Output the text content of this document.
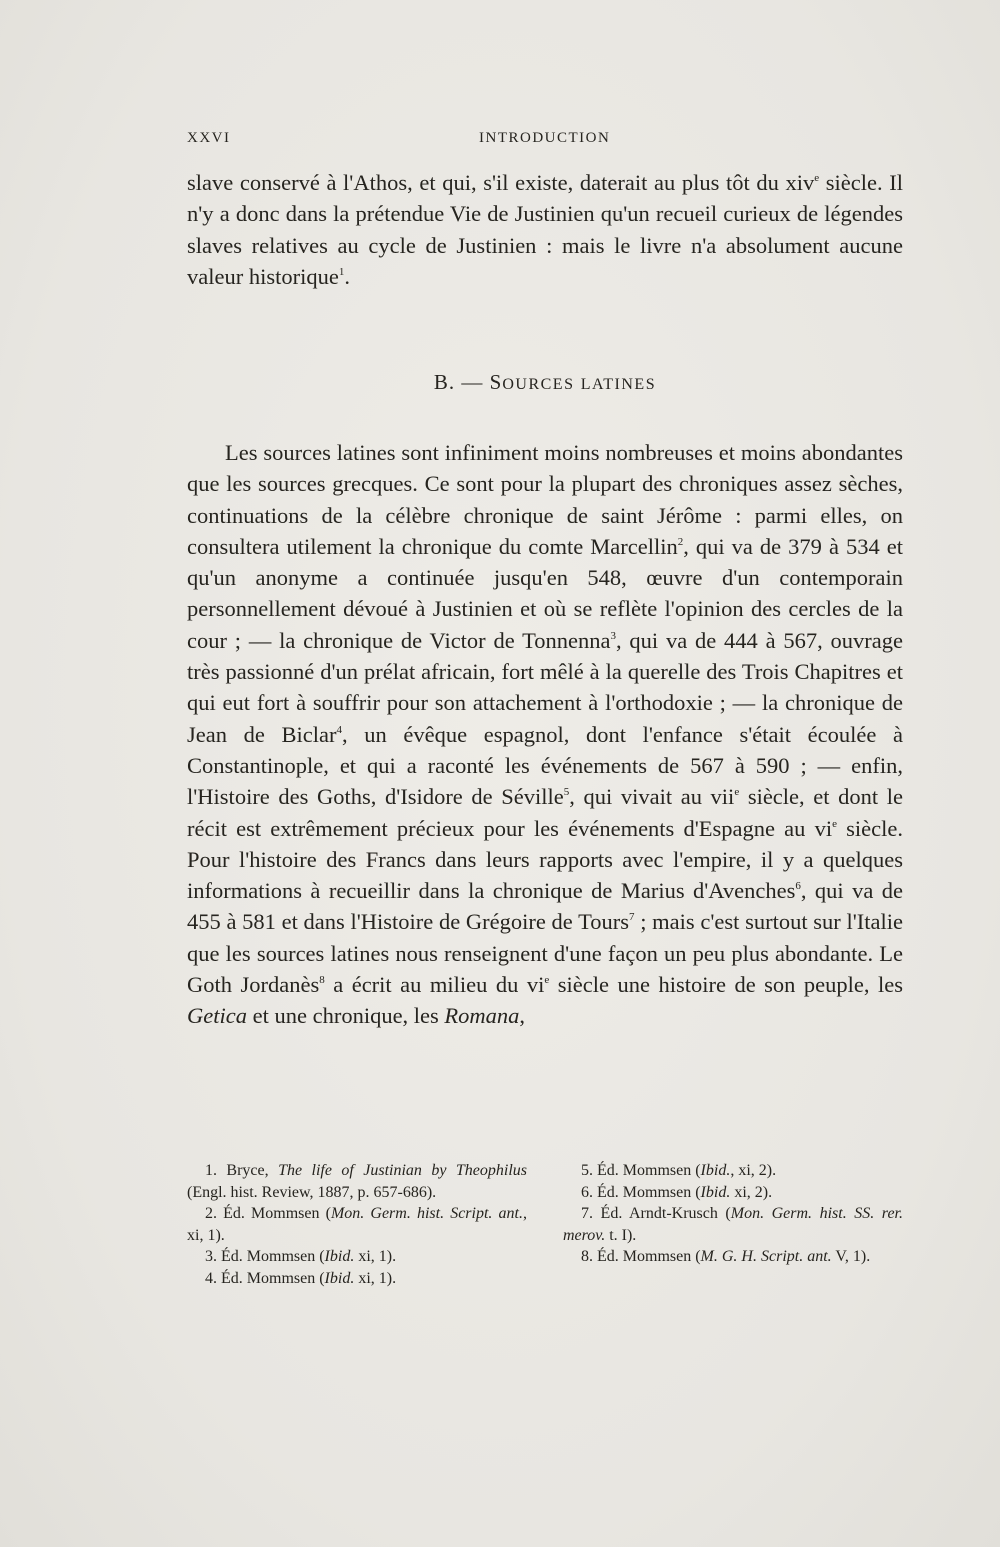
XXVI	INTRODUCTION
slave conservé à l'Athos, et qui, s'il existe, daterait au plus tôt du xiv$^e$ siècle. Il n'y a donc dans la prétendue Vie de Justinien qu'un recueil curieux de légendes slaves relatives au cycle de Justinien : mais le livre n'a absolument aucune valeur historique$^1$.
B. — SOURCES LATINES
Les sources latines sont infiniment moins nombreuses et moins abondantes que les sources grecques. Ce sont pour la plupart des chroniques assez sèches, continuations de la célèbre chronique de saint Jérôme : parmi elles, on consultera utilement la chronique du comte Marcellin$^2$, qui va de 379 à 534 et qu'un anonyme a continuée jusqu'en 548, œuvre d'un contemporain personnellement dévoué à Justinien et où se reflète l'opinion des cercles de la cour ; — la chronique de Victor de Tonnenna$^3$, qui va de 444 à 567, ouvrage très passionné d'un prélat africain, fort mêlé à la querelle des Trois Chapitres et qui eut fort à souffrir pour son attachement à l'orthodoxie ; — la chronique de Jean de Biclar$^4$, un évêque espagnol, dont l'enfance s'était écoulée à Constantinople, et qui a raconté les événements de 567 à 590 ; — enfin, l'Histoire des Goths, d'Isidore de Séville$^5$, qui vivait au vii$^e$ siècle, et dont le récit est extrêmement précieux pour les événements d'Espagne au $vi^e$ siècle. Pour l'histoire des Francs dans leurs rapports avec l'empire, il y a quelques informations à recueillir dans la chronique de Marius d'Avenches$^6$, qui va de 455 à 581 et dans l'Histoire de Grégoire de Tours$^7$ ; mais c'est surtout sur l'Italie que les sources latines nous renseignent d'une façon un peu plus abondante. Le Goth Jordanès$^8$ a écrit au milieu du $vi^e$ siècle une histoire de son peuple, les Getica et une chronique, les Romana,

1. Bryce, The life of Justinian by Theophilus (Engl. hist. Review, 1887, p. 657-686).

2. Éd. Mommsen (Mon. Germ. hist. Script. ant., xi, 1).

3. Éd. Mommsen (Ibid. xi, 1).

4. Éd. Mommsen (Ibid. xi, 1).

5. Éd. Mommsen (Ibid., xi, 2).

6. Éd. Mommsen (Ibid. xi, 2).

7. Éd. Arndt-Krusch (Mon. Germ. hist. SS. rer. merov. t. I).

8. Éd. Mommsen (M. G. H. Script. ant. V, 1).
